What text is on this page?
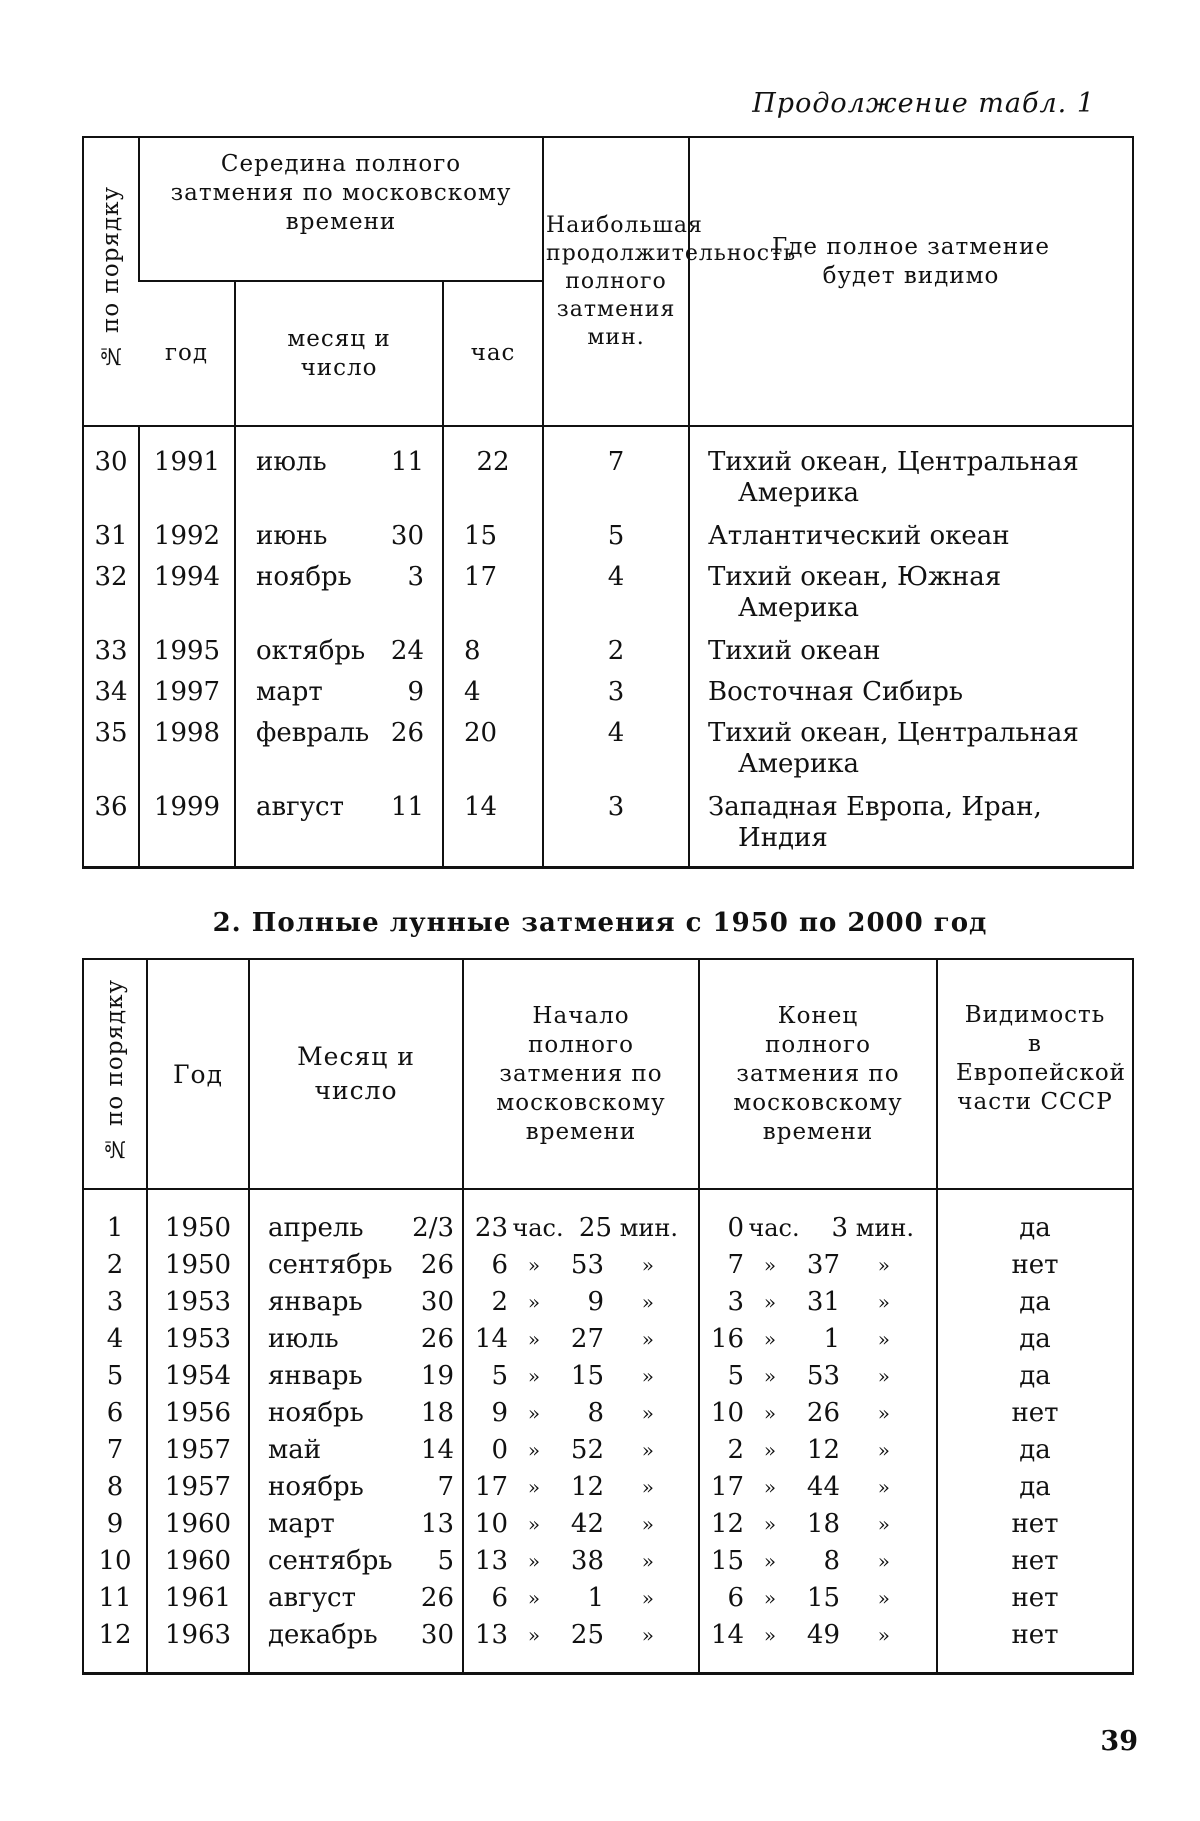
Продолжение табл. 1
№ по порядку	Середина полного затмения по московскому времени			Наибольшая продолжительность полного затмения мин.	Где полное затмение будет видимо
	год	месяц и число	час		
30	1991	июль 11	22	7	Тихий океан, Центральная
Америка

31	1992	июнь 30	15	5	Атлантический океан
32	1994	ноябрь 3	17	4	Тихий океан, Южная
Америка

33	1995	октябрь 24	8	2	Тихий океан
34	1997	март 9	4	3	Восточная Сибирь
35	1998	февраль 26	20	4	Тихий океан, Центральная
Америка

36	1999	август 11	14	3	Западная Европа, Иран,
Индия
2. Полные лунные затмения с 1950 по 2000 год
№ по порядку	Год	Месяц и число	Начало полного затмения по московскому времени	Конец полного затмения по московскому времени	Видимость в Европейской части СССР
1	1950	апрель 2/3	23 час. 25 мин.	0 час. 3 мин.	да
2	1950	сентябрь 26	6 » 53 »	7 » 37 »	нет
3	1953	январь 30	2 » 9 »	3 » 31 »	да
4	1953	июль 26	14 » 27 »	16 » 1 »	да
5	1954	январь 19	5 » 15 »	5 » 53 »	да
6	1956	ноябрь 18	9 » 8 »	10 » 26 »	нет
7	1957	май 14	0 » 52 »	2 » 12 »	да
8	1957	ноябрь 7	17 » 12 »	17 » 44 »	да
9	1960	март 13	10 » 42 »	12 » 18 »	нет
10	1960	сентябрь 5	13 » 38 »	15 » 8 »	нет
11	1961	август 26	6 » 1 »	6 » 15 »	нет
12	1963	декабрь 30	13 » 25 »	14 » 49 »	нет
39
